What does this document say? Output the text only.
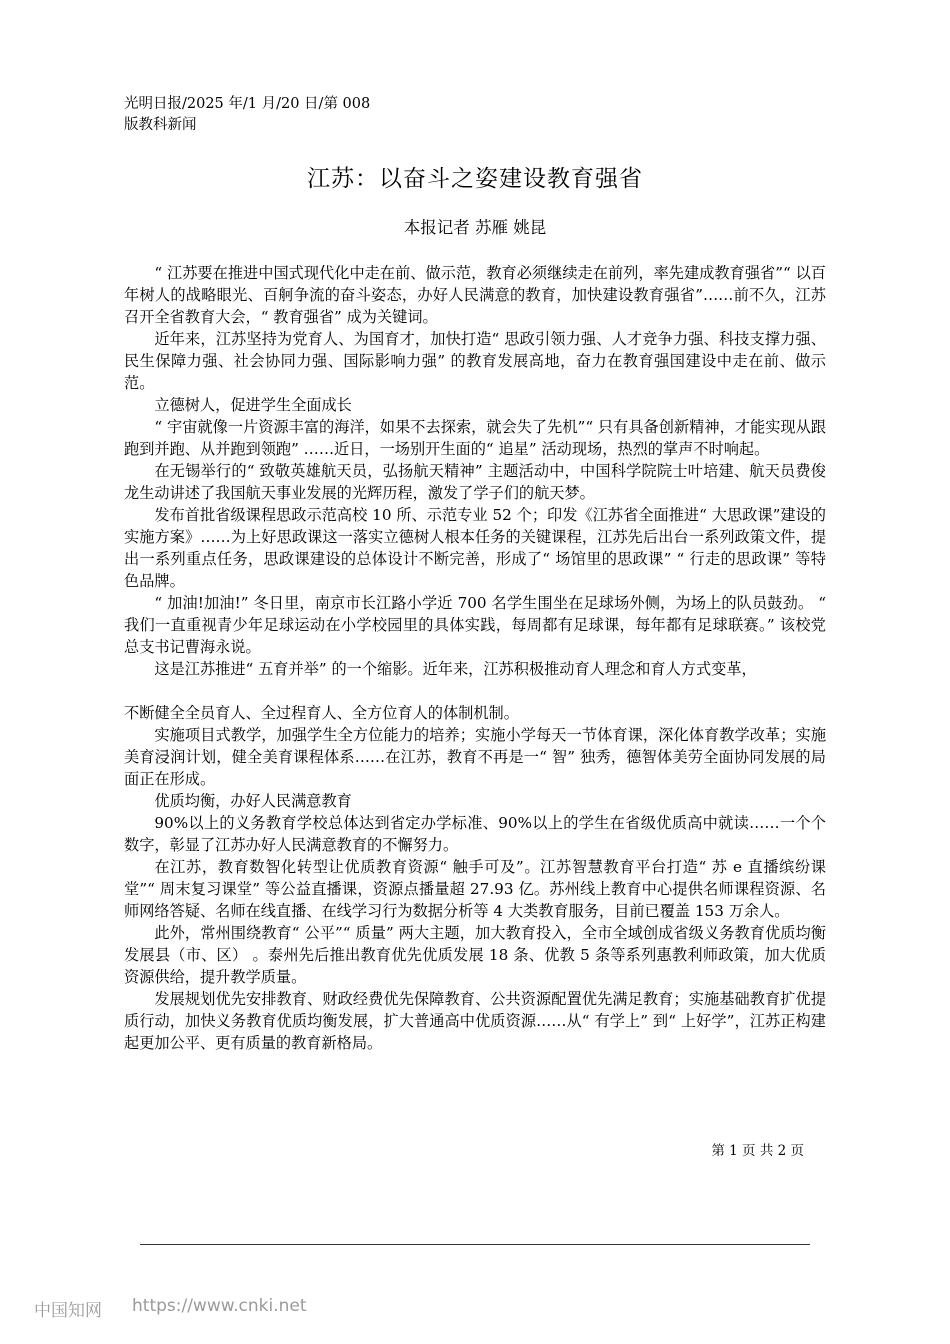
光明日报/2025 年/1 月/20 日/第 008
版教科新闻
江苏：以奋斗之姿建设教育强省
本报记者 苏雁 姚昆

“ 江苏要在推进中国式现代化中走在前、做示范，教育必须继续走在前列，率先建成教育强省”“ 以百年树人的战略眼光、百舸争流的奋斗姿态，办好人民满意的教育，加快建设教育强省”……前不久，江苏召开全省教育大会，“ 教育强省” 成为关键词。

近年来，江苏坚持为党育人、为国育才，加快打造“ 思政引领力强、人才竞争力强、科技支撑力强、民生保障力强、社会协同力强、国际影响力强” 的教育发展高地，奋力在教育强国建设中走在前、做示范。

立德树人，促进学生全面成长

“ 宇宙就像一片资源丰富的海洋，如果不去探索，就会失了先机”“ 只有具备创新精神，才能实现从跟跑到并跑、从并跑到领跑” ……近日，一场别开生面的“ 追星” 活动现场，热烈的掌声不时响起。

在无锡举行的“ 致敬英雄航天员，弘扬航天精神” 主题活动中，中国科学院院士叶培建、航天员费俊龙生动讲述了我国航天事业发展的光辉历程，激发了学子们的航天梦。

发布首批省级课程思政示范高校 10 所、示范专业 52 个；印发《江苏省全面推进“ 大思政课”建设的实施方案》……为上好思政课这一落实立德树人根本任务的关键课程，江苏先后出台一系列政策文件，提出一系列重点任务，思政课建设的总体设计不断完善，形成了“ 场馆里的思政课” “ 行走的思政课” 等特色品牌。

“ 加油!加油!” 冬日里，南京市长江路小学近 700 名学生围坐在足球场外侧，为场上的队员鼓劲。 “ 我们一直重视青少年足球运动在小学校园里的具体实践，每周都有足球课，每年都有足球联赛。” 该校党总支书记曹海永说。

这是江苏推进“ 五育并举” 的一个缩影。近年来，江苏积极推动育人理念和育人方式变革，

不断健全全员育人、全过程育人、全方位育人的体制机制。

实施项目式教学，加强学生全方位能力的培养；实施小学每天一节体育课，深化体育教学改革；实施美育浸润计划，健全美育课程体系……在江苏，教育不再是一“ 智” 独秀，德智体美劳全面协同发展的局面正在形成。

优质均衡，办好人民满意教育

90%以上的义务教育学校总体达到省定办学标准、90%以上的学生在省级优质高中就读……一个个数字，彰显了江苏办好人民满意教育的不懈努力。

在江苏，教育数智化转型让优质教育资源“ 触手可及”。江苏智慧教育平台打造“ 苏 e 直播缤纷课堂”“ 周末复习课堂” 等公益直播课，资源点播量超 27.93 亿。苏州线上教育中心提供名师课程资源、名师网络答疑、名师在线直播、在线学习行为数据分析等 4 大类教育服务，目前已覆盖 153 万余人。

此外，常州围绕教育“ 公平”“ 质量” 两大主题，加大教育投入，全市全域创成省级义务教育优质均衡发展县（市、区） 。泰州先后推出教育优先优质发展 18 条、优教 5 条等系列惠教利师政策，加大优质资源供给，提升教学质量。

发展规划优先安排教育、财政经费优先保障教育、公共资源配置优先满足教育；实施基础教育扩优提质行动，加快义务教育优质均衡发展，扩大普通高中优质资源……从“ 有学上” 到“ 上好学”，江苏正构建起更加公平、更有质量的教育新格局。

第 1 页 共 2 页
中国知网 https://www.cnki.net
